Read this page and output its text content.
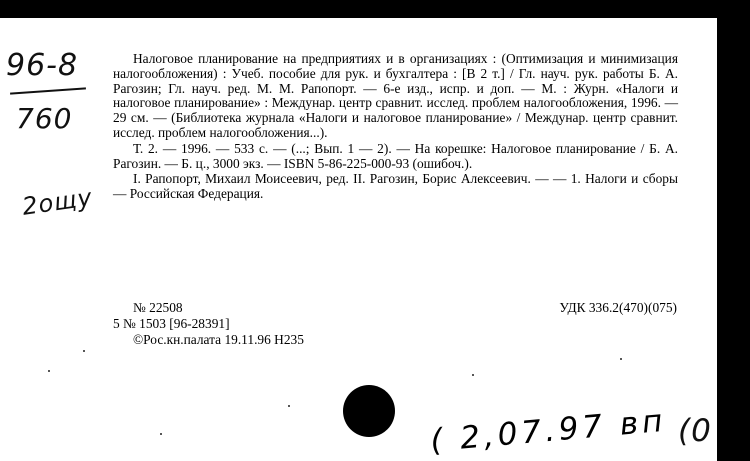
96-8
760
2ощу

Налоговое планирование на предприятиях и в организациях : (Оптимизация и минимизация налогообложения) : Учеб. пособие для рук. и бухгалтера : [В 2 т.] / Гл. науч. рук. работы Б. А. Рагозин; Гл. науч. ред. М. М. Рапопорт. — 6-е изд., испр. и доп. — М. : Журн. «Налоги и налоговое планирование» : Междунар. центр сравнит. исслед. проблем налогообложения, 1996. — 29 см. — (Библиотека журнала «Налоги и налоговое планирование» / Междунар. центр сравнит. исслед. проблем налогообложения...).

Т. 2. — 1996. — 533 с. — (...; Вып. 1 — 2). — На корешке: Налоговое планирование / Б. А. Рагозин. — Б. ц., 3000 экз. — ISBN 5-86-225-000-93 (ошибоч.).

I. Рапопорт, Михаил Моисеевич, ред. II. Рагозин, Борис Алексеевич. — — 1. Налоги и сборы — Российская Федерация.

№ 22508	УДК 336.2(470)(075)
5 № 1503 [96-28391]
©Рос.кн.палата 19.11.96 Н235
( 2,07.97 вп (0
